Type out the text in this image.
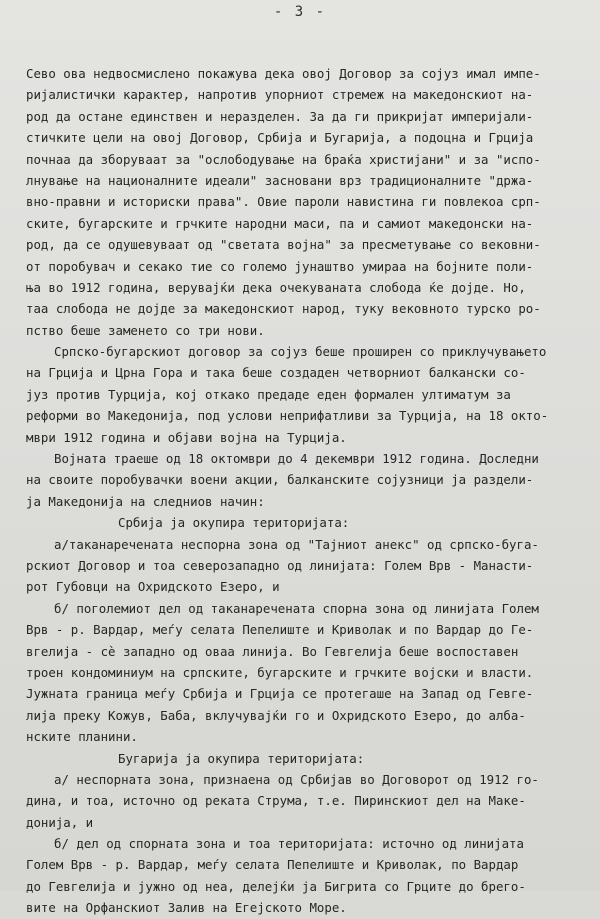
- 3 -
Сево ова недвосмислено покажува дека овој Договор за сојуз имал импе-
ријалистички карактер, напротив упорниот стремеж на македонскиот на-
род да остане единствен и неразделен. За да ги прикријат империјали-
стичките цели на овој Договор, Србија и Бугарија, а подоцна и Грција
почнаа да зборуваат за "ослободување на браќа христијани" и за "испо-
лнување на националните идеали" засновани врз традиционалните "држа-
вно-правни и историски права". Овие пароли навистина ги повлекоа срп-
ските, бугарските и грчките народни маси, па и самиот македонски на-
род, да се одушевуваат од "светата војна" за пресметување со вековни-
от поробувач и секако тие со големо јунаштво умираа на бојните поли-
ња во 1912 година, верувајќи дека очекуваната слобода ќе дојде. Но,
таа слобода не дојде за македонскиот народ, туку вековното турско ро-
пство беше заменето со три нови.
Српско-бугарскиот договор за сојуз беше проширен со приклучувањето
на Грција и Црна Гора и така беше создаден четворниот балкански со-
јуз против Турција, кој откако предаде еден формален ултиматум за
реформи во Македонија, под услови неприфатливи за Турција, на 18 окто-
мври 1912 година и објави војна на Турција.
Војната траеше од 18 октомври до 4 декември 1912 година. Доследни
на своите поробувачки воени акции, балканските сојузници ја раздели-
ја Македонија на следниов начин:
Србија ја окупира територијата:
а/таканаречената неспорна зона од "Тајниот анекс" од српско-бугa-
рскиот Договор и тоа северозападно од линијата: Голем Врв - Манасти-
рот Губовци на Охридското Езеро, и
б/ поголемиот дел од таканаречената спорна зона од линијата Голем
Врв - р. Вардар, меѓу селата Пепелиште и Криволак и по Вардар до Ге-
вгелија - сè западно од оваа линија. Во Гевгелија беше воспоставен
троен кондоминиум на српските, бугарските и грчките војски и власти.
Јужната граница меѓу Србија и Грција се протегаше на Запад од Гевге-
лија преку Кожув, Баба, вклучувајќи го и Охридското Езеро, до алба-
нските планини.
Бугарија ја окупира територијата:
а/ неспорната зона, признаена од Србијав во Договорот од 1912 го-
дина, и тоа, источно од реката Струма, т.е. Пиринскиот дел на Маке-
донија, и
б/ дел од спорната зона и тоа територијата: источно од линијата
Голем Врв - р. Вардар, меѓу селата Пепелиште и Криволак, по Вардар
до Гевгелија и јужно од неа, делејќи ја Бигрита со Грците до брего-
вите на Орфанскиот Залив на Егејското Море.
